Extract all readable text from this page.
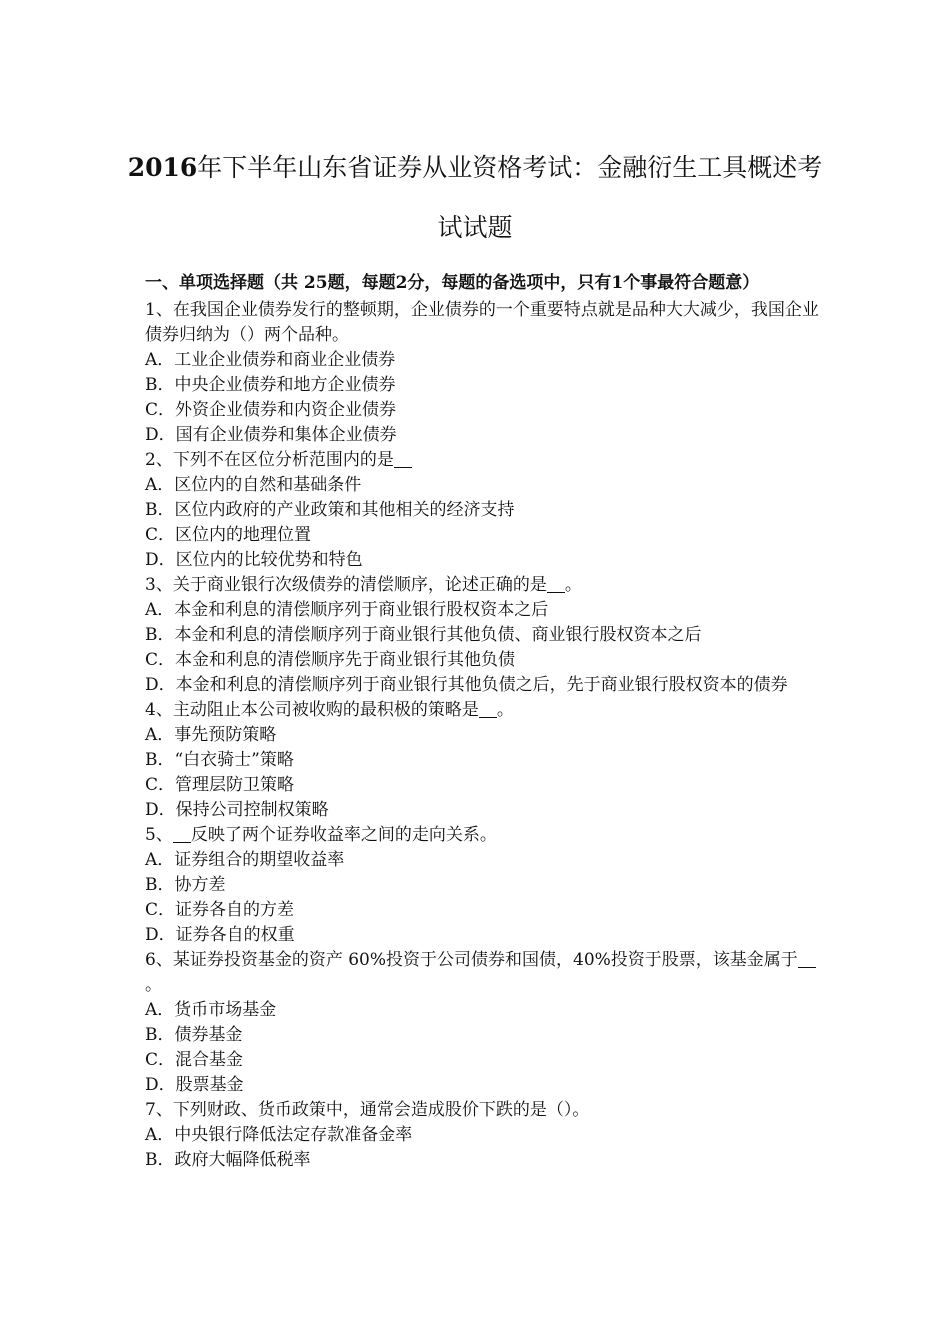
2016年下半年山东省证券从业资格考试：金融衍生工具概述考试试题

一、单项选择题（共 25题，每题2分，每题的备选项中，只有1个事最符合题意）

1、在我国企业债券发行的整顿期，企业债券的一个重要特点就是品种大大减少，我国企业债券归纳为（）两个品种。

A．工业企业债券和商业企业债券

B．中央企业债券和地方企业债券

C．外资企业债券和内资企业债券

D．国有企业债券和集体企业债券

2、下列不在区位分析范围内的是

A．区位内的自然和基础条件

B．区位内政府的产业政策和其他相关的经济支持

C．区位内的地理位置

D．区位内的比较优势和特色

3、关于商业银行次级债券的清偿顺序，论述正确的是 。

A．本金和利息的清偿顺序列于商业银行股权资本之后

B．本金和利息的清偿顺序列于商业银行其他负债、商业银行股权资本之后

C．本金和利息的清偿顺序先于商业银行其他负债

D．本金和利息的清偿顺序列于商业银行其他负债之后，先于商业银行股权资本的债券

4、主动阻止本公司被收购的最积极的策略是 。

A．事先预防策略

B．“白衣骑士”策略

C．管理层防卫策略

D．保持公司控制权策略

5、 反映了两个证券收益率之间的走向关系。

A．证券组合的期望收益率

B．协方差

C．证券各自的方差

D．证券各自的权重

6、某证券投资基金的资产 60%投资于公司债券和国债，40%投资于股票，该基金属于。

A．货币市场基金

B．债券基金

C．混合基金

D．股票基金

7、下列财政、货币政策中，通常会造成股价下跌的是（）。

A．中央银行降低法定存款准备金率

B．政府大幅降低税率
